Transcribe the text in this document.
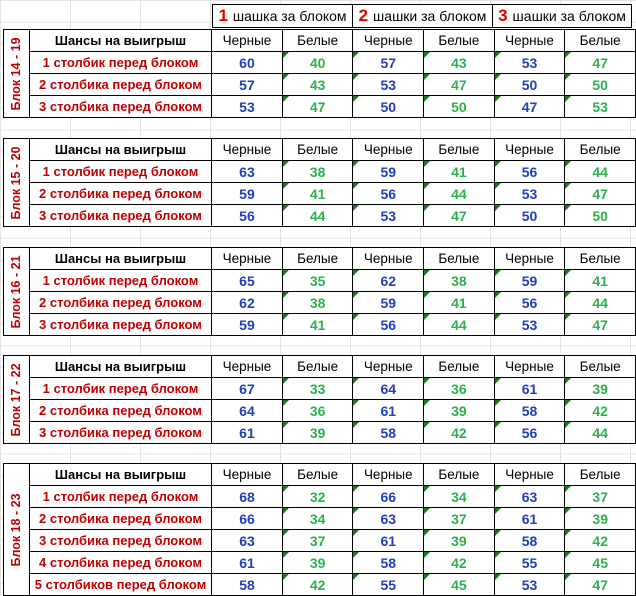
1 шашка за блоком 2 шашки за блоком 3 шашки за блоком
Блок 14 - 19 Шансы на выигрыш	Черные	Белые	Черные	Белые	Черные	Белые
1 столбик перед блоком	60	40	57	43	53	47
2 столбика перед блоком	57	43	53	47	50	50
3 столбика перед блоком	53	47	50	50	47	53
Блок 15 - 20 Шансы на выигрыш	Черные	Белые	Черные	Белые	Черные	Белые
1 столбик перед блоком	63	38	59	41	56	44
2 столбика перед блоком	59	41	56	44	53	47
3 столбика перед блоком	56	44	53	47	50	50
Блок 16 - 21 Шансы на выигрыш	Черные	Белые	Черные	Белые	Черные	Белые
1 столбик перед блоком	65	35	62	38	59	41
2 столбика перед блоком	62	38	59	41	56	44
3 столбика перед блоком	59	41	56	44	53	47
Блок 17 - 22 Шансы на выигрыш	Черные	Белые	Черные	Белые	Черные	Белые
1 столбик перед блоком	67	33	64	36	61	39
2 столбика перед блоком	64	36	61	39	58	42
3 столбика перед блоком	61	39	58	42	56	44
Блок 18 - 23
Шансы на выигрыш	Черные	Белые	Черные	Белые	Черные	Белые
1 столбик перед блоком	68	32	66	34	63	37
2 столбика перед блоком	66	34	63	37	61	39
3 столбика перед блоком	63	37	61	39	58	42
4 столбика перед блоком	61	39	58	42	55	45
5 столбиков перед блоком	58	42	55	45	53	47
